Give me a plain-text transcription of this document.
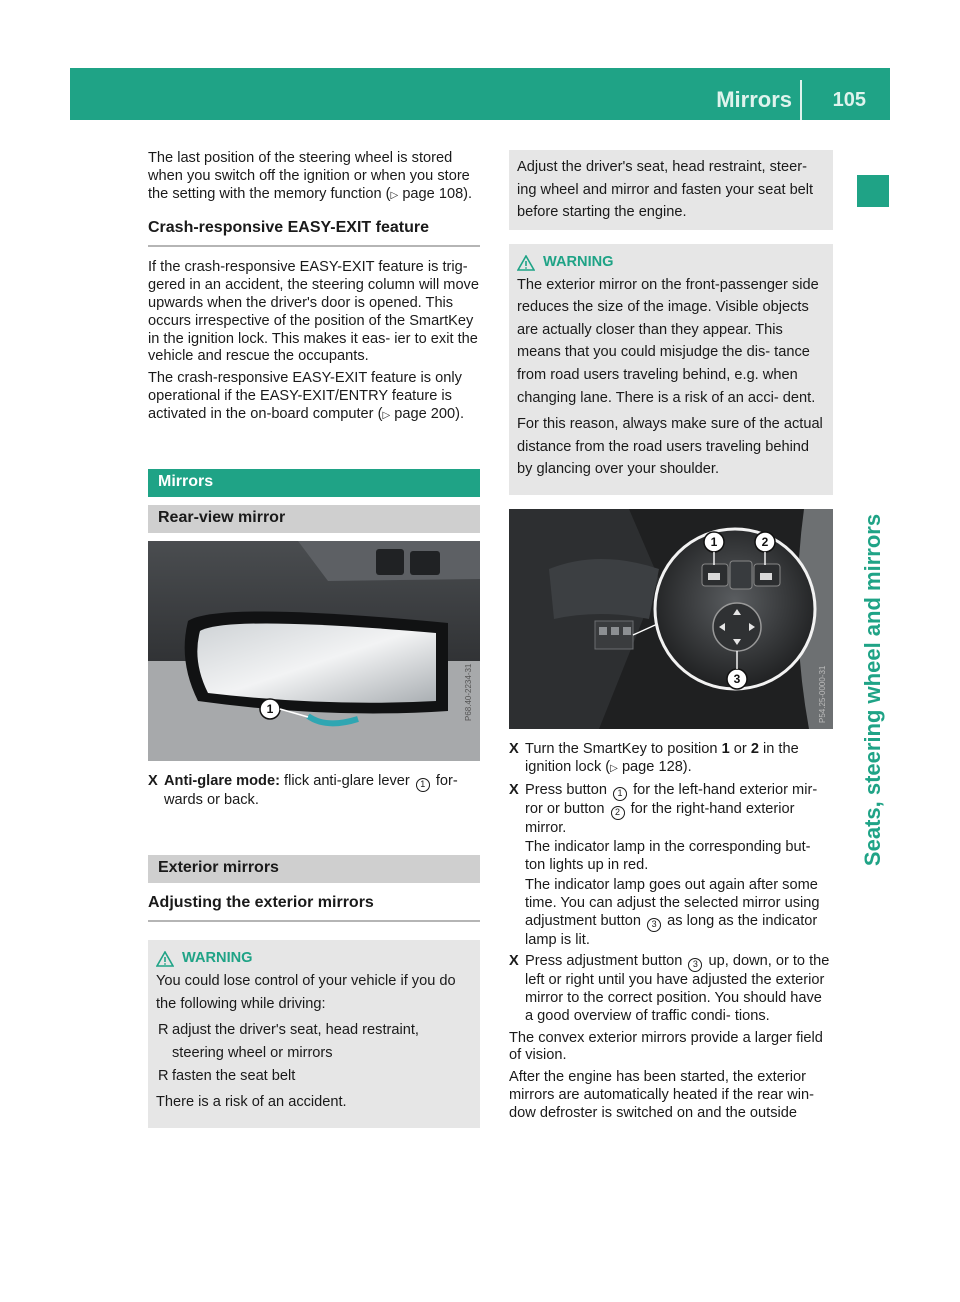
Mirrors 105
Seats, steering wheel and mirrors

The last position of the steering wheel is stored when you switch off the ignition or when you store the setting with the memory function (▷ page 108).

Crash-responsive EASY-EXIT feature

If the crash-responsive EASY-EXIT feature is trig- gered in an accident, the steering column will move upwards when the driver's door is opened. This occurs irrespective of the position of the SmartKey in the ignition lock. This makes it eas- ier to exit the vehicle and rescue the occupants.

The crash-responsive EASY-EXIT feature is only operational if the EASY-EXIT/ENTRY feature is activated in the on-board computer (▷ page 200).

Mirrors
Rear-view mirror
1	P68.40-2234-31
X Anti-glare mode: flick anti-glare lever 1 for- wards or back.

Exterior mirrors
Adjusting the exterior mirrors
WARNING

You could lose control of your vehicle if you do the following while driving:

R adjust the driver's seat, head restraint, steering wheel or mirrors
R fasten the seat belt

There is a risk of an accident.

Adjust the driver's seat, head restraint, steer- ing wheel and mirror and fasten your seat belt before starting the engine.

WARNING

The exterior mirror on the front-passenger side reduces the size of the image. Visible objects are actually closer than they appear. This means that you could misjudge the dis- tance from road users traveling behind, e.g. when changing lane. There is a risk of an acci- dent.

For this reason, always make sure of the actual distance from the road users traveling behind by glancing over your shoulder.

1	2
3	P54.25-0000-31
X Turn the SmartKey to position 1 or 2 in the ignition lock (▷ page 128).

X Press button 1 for the left-hand exterior mir- ror or button 2 for the right-hand exterior mirror.

The indicator lamp in the corresponding but- ton lights up in red.

The indicator lamp goes out again after some time. You can adjust the selected mirror using adjustment button 3 as long as the indicator lamp is lit.

X Press adjustment button 3 up, down, or to the left or right until you have adjusted the exterior mirror to the correct position. You should have a good overview of traffic condi- tions.

The convex exterior mirrors provide a larger field of vision.

After the engine has been started, the exterior mirrors are automatically heated if the rear win- dow defroster is switched on and the outside
